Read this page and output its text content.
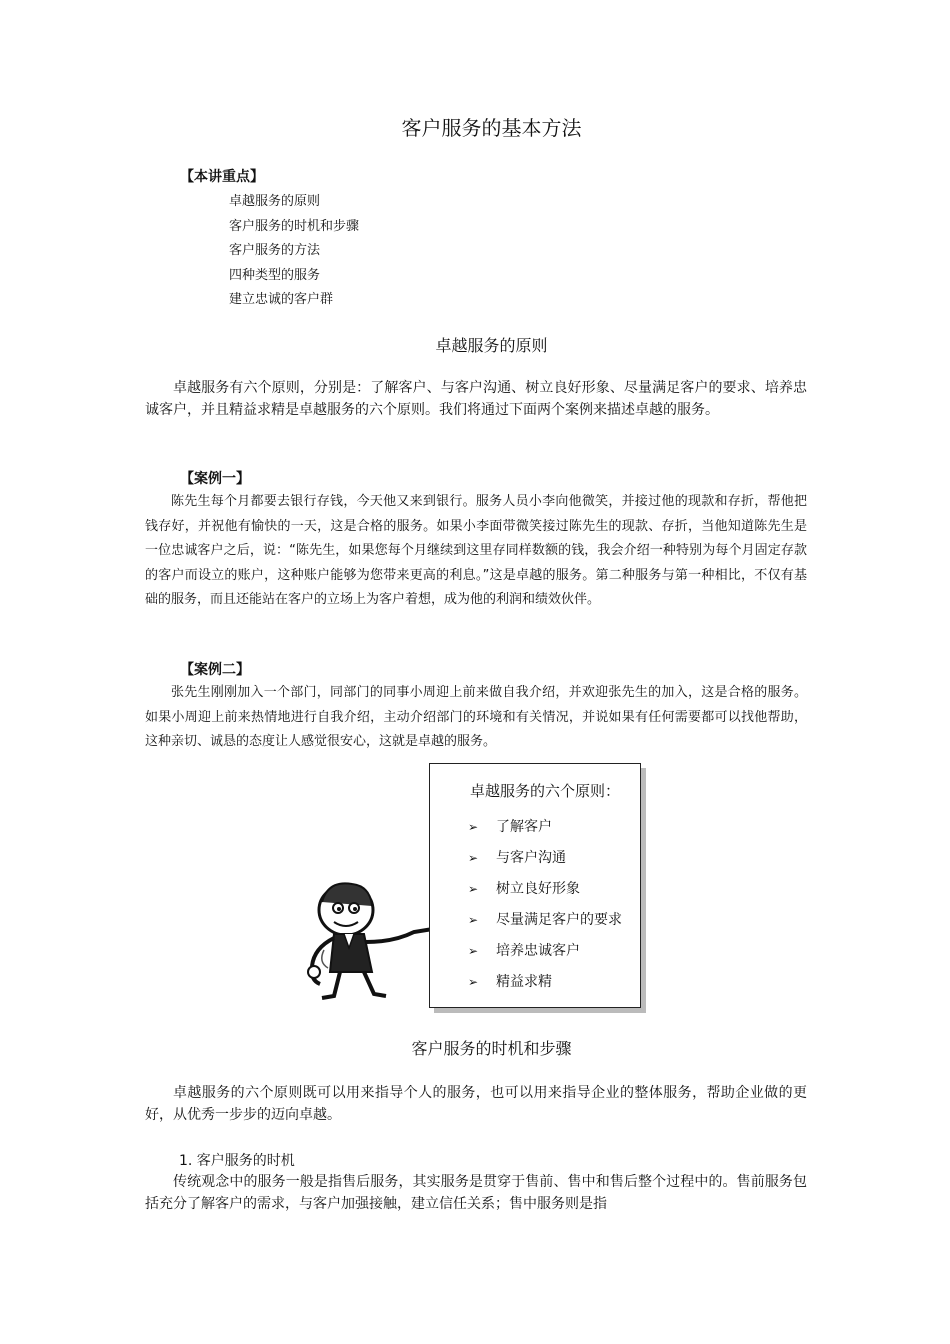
客户服务的基本方法
【本讲重点】
卓越服务的原则
客户服务的时机和步骤
客户服务的方法
四种类型的服务
建立忠诚的客户群
卓越服务的原则
卓越服务有六个原则，分别是：了解客户、与客户沟通、树立良好形象、尽量满足客户的要求、培养忠诚客户，并且精益求精是卓越服务的六个原则。我们将通过下面两个案例来描述卓越的服务。
【案例一】
陈先生每个月都要去银行存钱，今天他又来到银行。服务人员小李向他微笑，并接过他的现款和存折，帮他把钱存好，并祝他有愉快的一天，这是合格的服务。如果小李面带微笑接过陈先生的现款、存折，当他知道陈先生是一位忠诚客户之后，说：“陈先生，如果您每个月继续到这里存同样数额的钱，我会介绍一种特别为每个月固定存款的客户而设立的账户，这种账户能够为您带来更高的利息。”这是卓越的服务。第二种服务与第一种相比，不仅有基础的服务，而且还能站在客户的立场上为客户着想，成为他的利润和绩效伙伴。
【案例二】
张先生刚刚加入一个部门，同部门的同事小周迎上前来做自我介绍，并欢迎张先生的加入，这是合格的服务。如果小周迎上前来热情地进行自我介绍，主动介绍部门的环境和有关情况，并说如果有任何需要都可以找他帮助，这种亲切、诚恳的态度让人感觉很安心，这就是卓越的服务。
卓越服务的六个原则：
➢ 了解客户
➢ 与客户沟通
➢ 树立良好形象
➢ 尽量满足客户的要求
➢ 培养忠诚客户
➢ 精益求精
客户服务的时机和步骤
卓越服务的六个原则既可以用来指导个人的服务，也可以用来指导企业的整体服务，帮助企业做的更好，从优秀一步步的迈向卓越。
1. 客户服务的时机
传统观念中的服务一般是指售后服务，其实服务是贯穿于售前、售中和售后整个过程中的。售前服务包括充分了解客户的需求，与客户加强接触，建立信任关系；售中服务则是指
